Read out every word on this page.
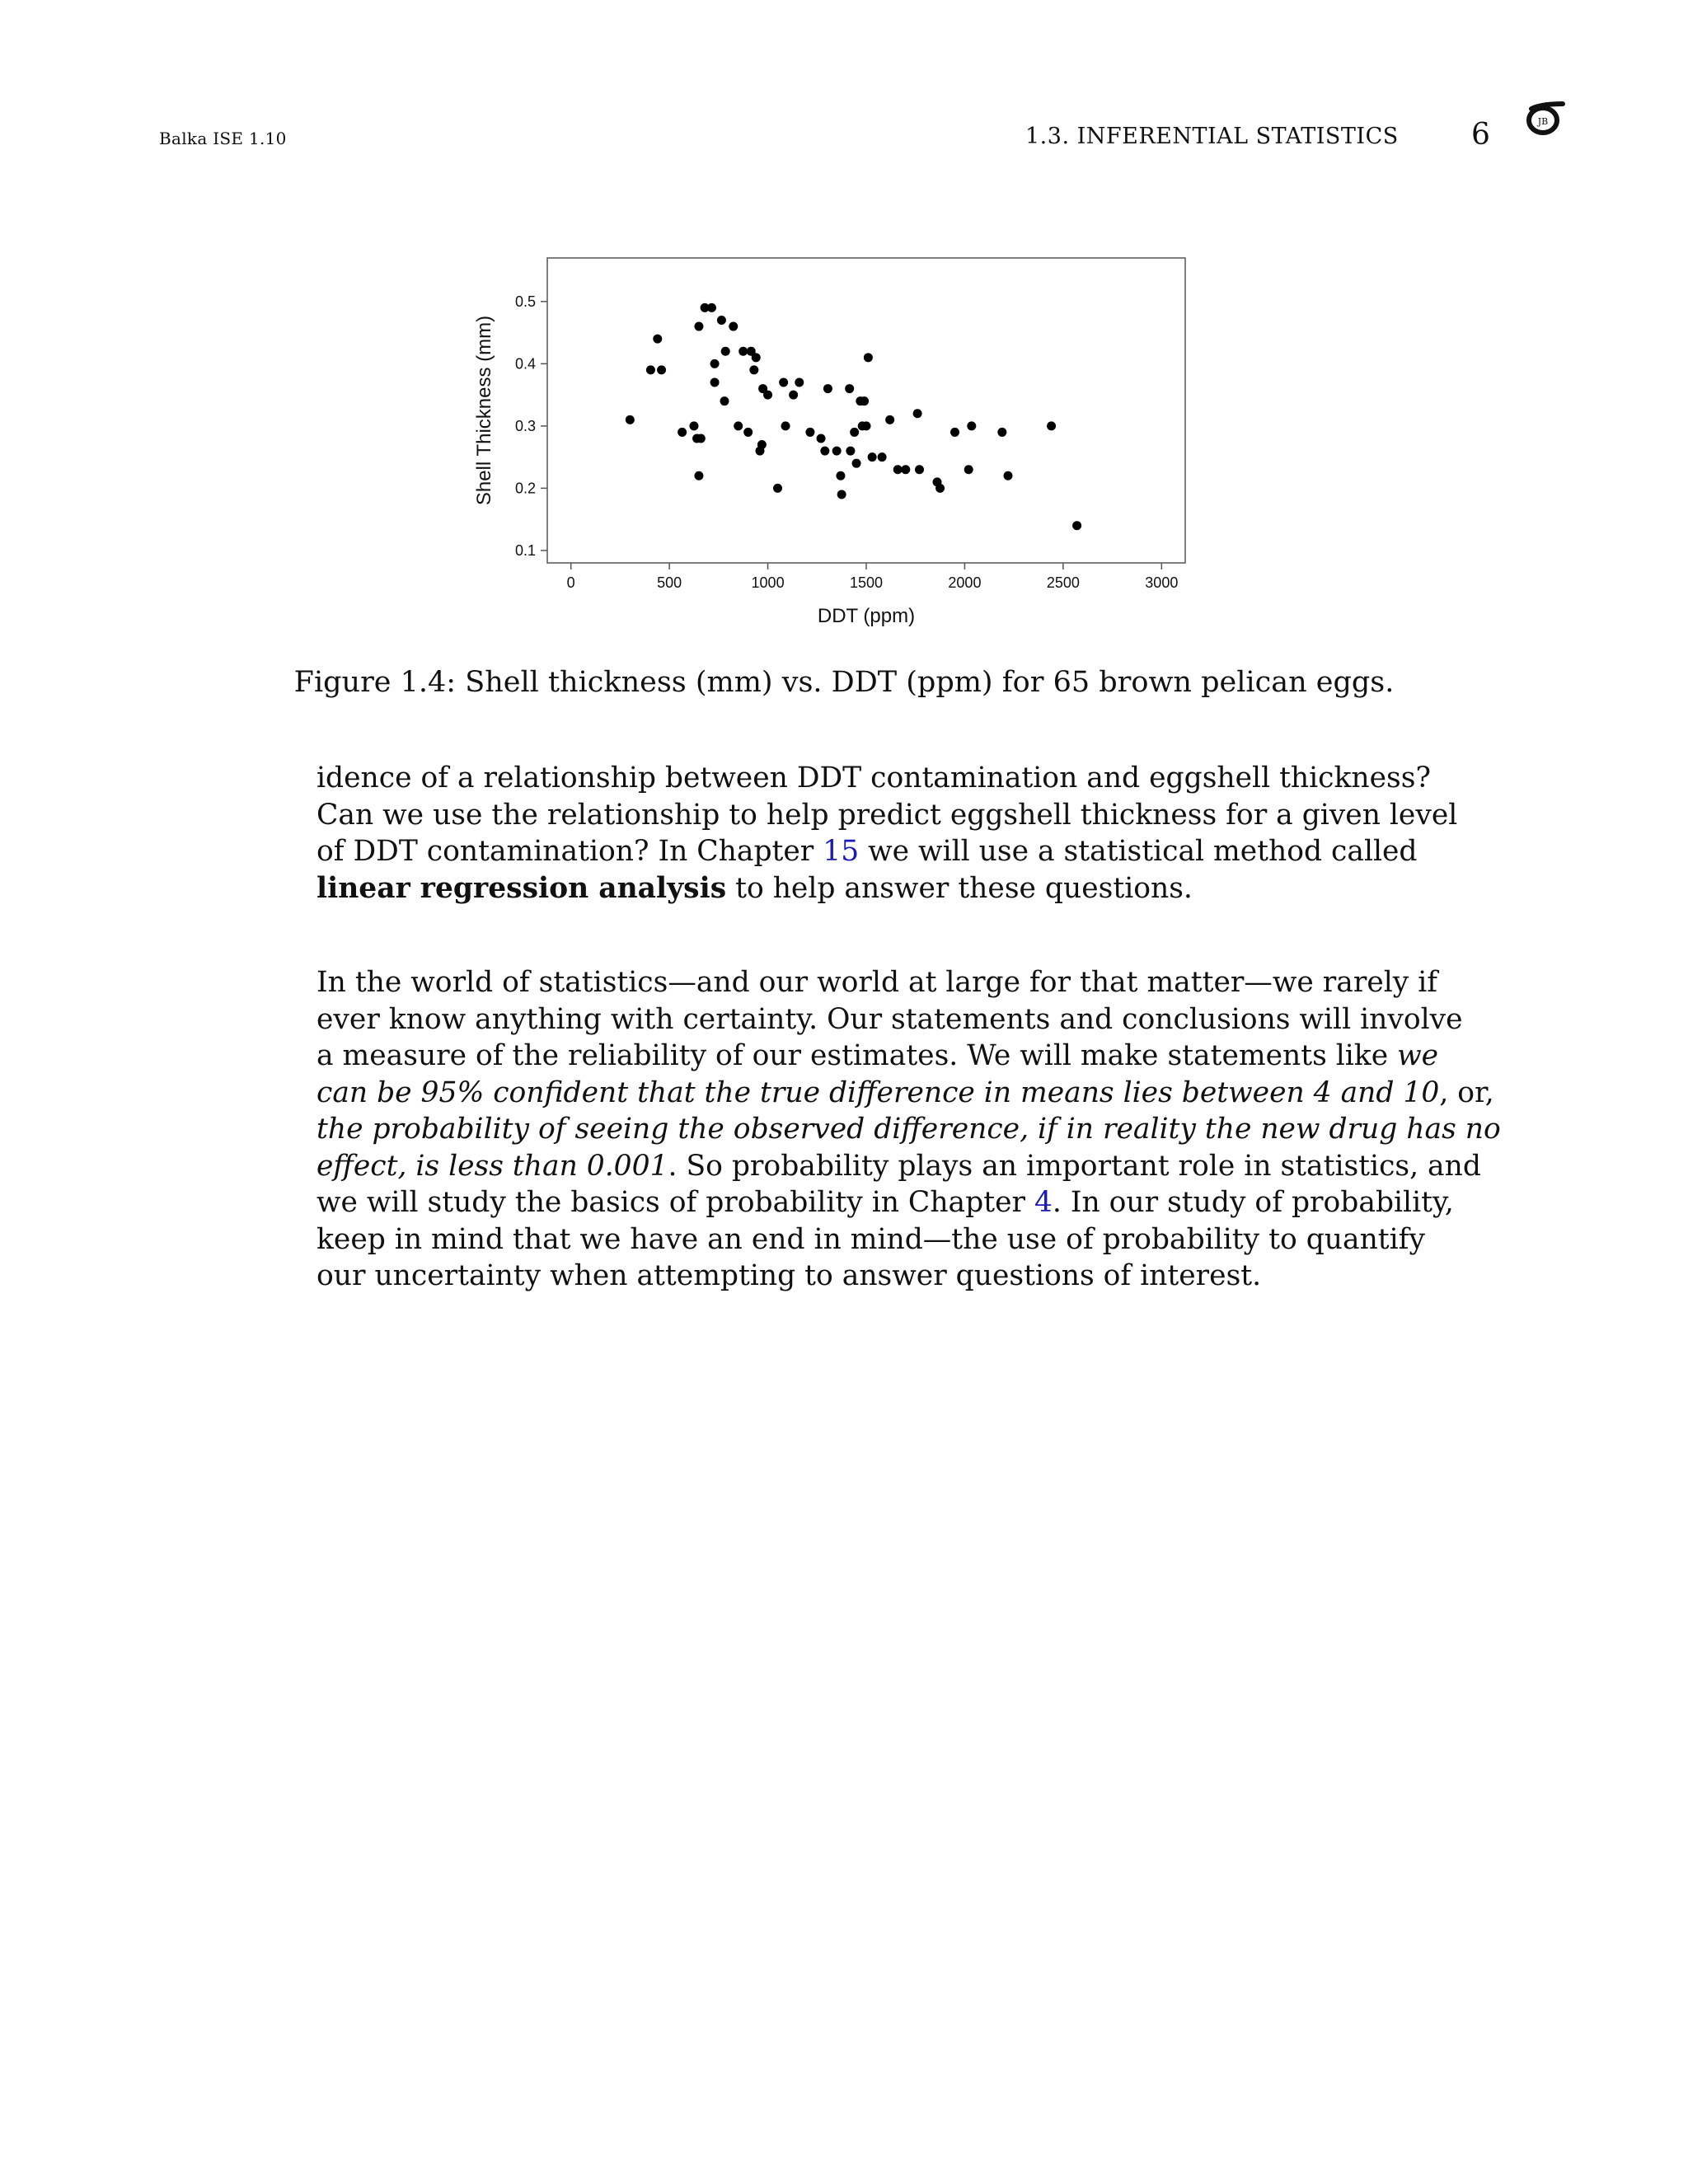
Balka ISE 1.10	1.3. INFERENTIAL STATISTICS 6	JB
0.1
0.2
0.3
0.4
0.5
0	500	1000	1500	2000	2500	3000
DDT (ppm)
Shell Thickness (mm)
Figure 1.4: Shell thickness (mm) vs. DDT (ppm) for 65 brown pelican eggs.
idence of a relationship between DDT contamination and eggshell thickness?
Can we use the relationship to help predict eggshell thickness for a given level
of DDT contamination? In Chapter 15 we will use a statistical method called
linear regression analysis to help answer these questions.
In the world of statistics—and our world at large for that matter—we rarely if
ever know anything with certainty. Our statements and conclusions will involve
a measure of the reliability of our estimates. We will make statements like we
can be 95% confident that the true difference in means lies between 4 and 10, or,
the probability of seeing the observed difference, if in reality the new drug has no
effect, is less than 0.001. So probability plays an important role in statistics, and
we will study the basics of probability in Chapter 4. In our study of probability,
keep in mind that we have an end in mind—the use of probability to quantify
our uncertainty when attempting to answer questions of interest.
